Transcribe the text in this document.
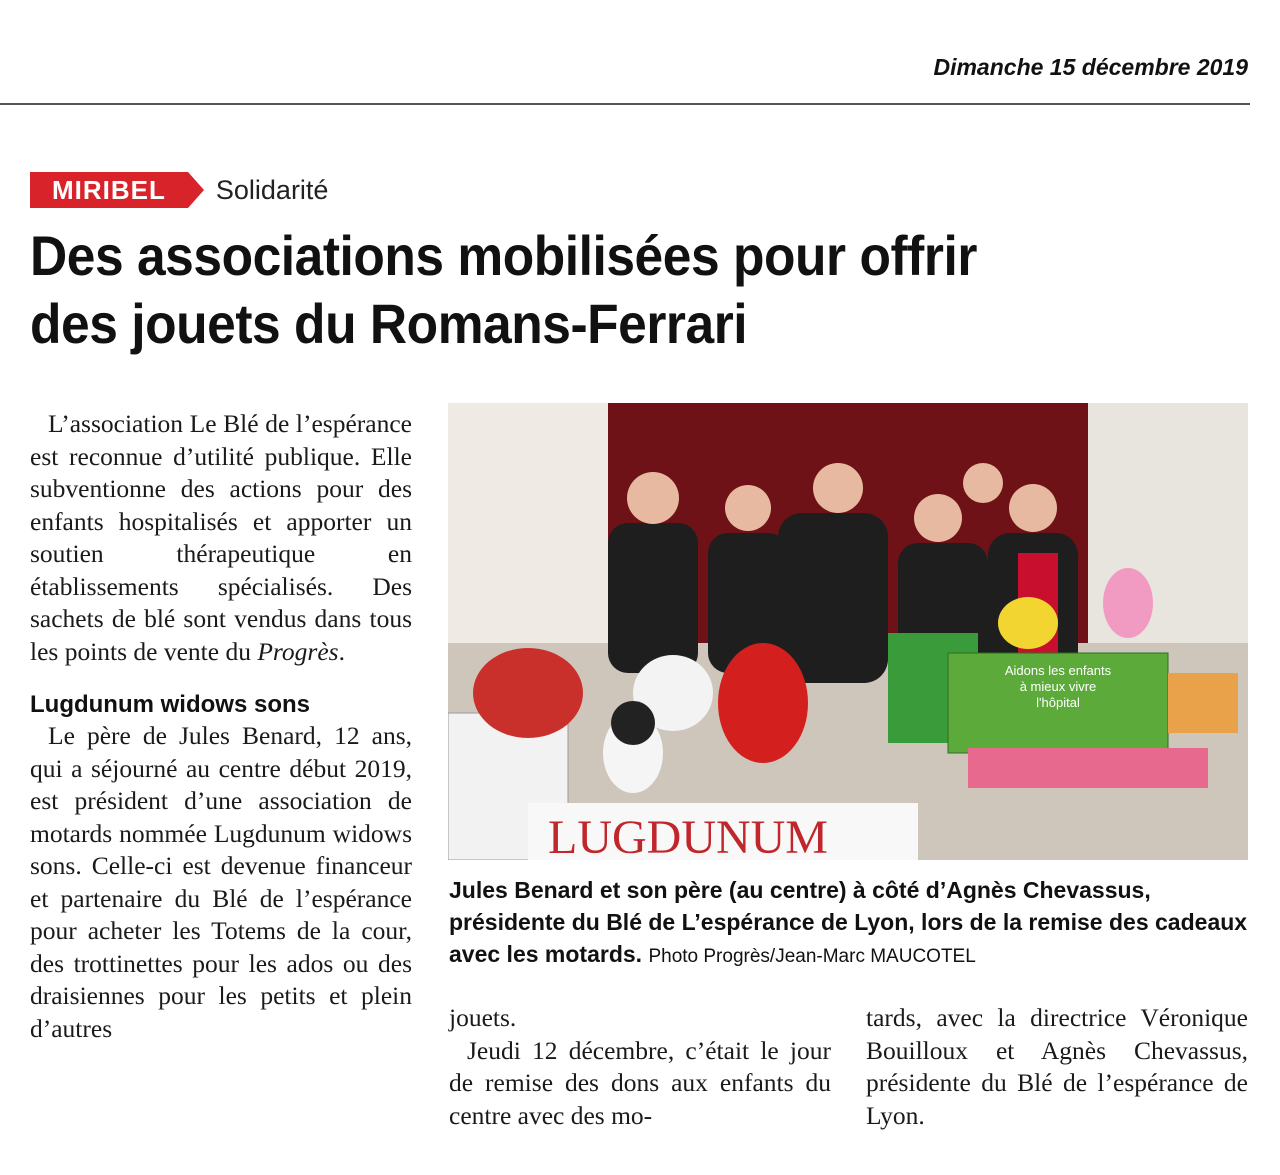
Dimanche 15 décembre 2019
MIRIBEL	Solidarité
Des associations mobilisées pour offrir
des jouets du Romans-Ferrari

L’association Le Blé de l’espérance est reconnue d’utilité publique. Elle subventionne des actions pour des enfants hospitalisés et apporter un soutien thérapeutique en établissements spécialisés. Des sachets de blé sont vendus dans tous les points de vente du Progrès.

Lugdunum widows sons

Le père de Jules Benard, 12 ans, qui a séjourné au centre début 2019, est président d’une association de motards nommée Lugdunum widows sons. Celle-ci est devenue financeur et partenaire du Blé de l’espérance pour acheter les Totems de la cour, des trottinettes pour les ados ou des draisiennes pour les petits et plein d’autres

LUGDUNUM
Aidons les enfants
à mieux vivre
l'hôpital
Jules Benard et son père (au centre) à côté d’Agnès Chevassus, présidente du Blé de L’espérance de Lyon, lors de la remise des cadeaux avec les motards. Photo Progrès/Jean-Marc MAUCOTEL

jouets.

Jeudi 12 décembre, c’était le jour de remise des dons aux enfants du centre avec des mo-

tards, avec la directrice Véronique Bouilloux et Agnès Chevassus, présidente du Blé de l’espérance de Lyon.
